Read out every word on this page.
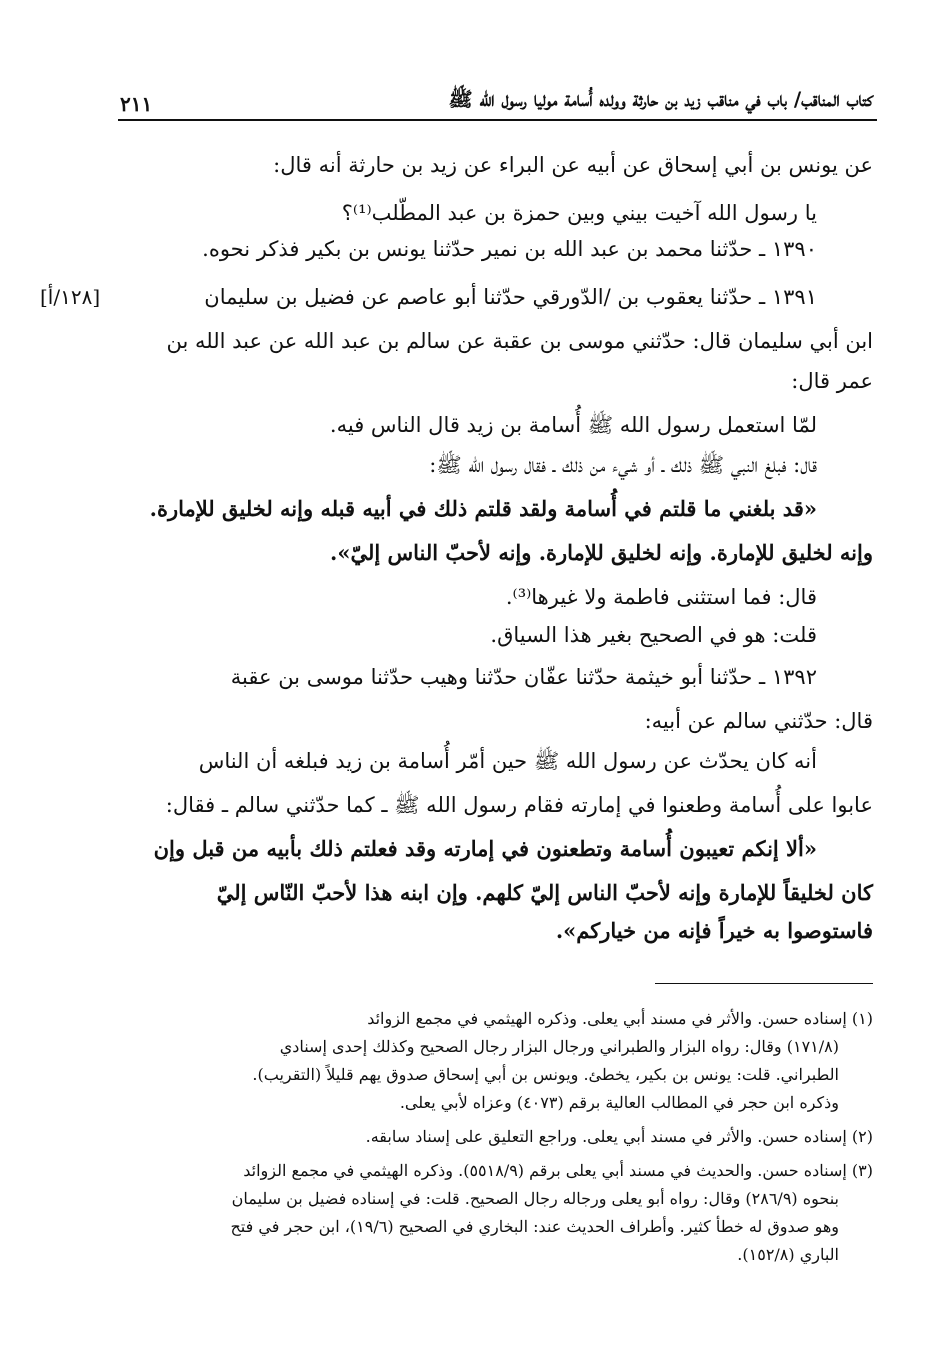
كتاب المناقب/ باب في مناقب زيد بن حارثة وولده أُسامة موليا رسول الله ﷺ
٢١١
عن يونس بن أبي إسحاق عن أبيه عن البراء عن زيد بن حارثة أنه قال:
يا رسول الله آخيت بيني وبين حمزة بن عبد المطّلب⁽¹⁾؟
١٣٩٠ ـ حدّثنا محمد بن عبد الله بن نمير حدّثنا يونس بن بكير فذكر نحوه.
١٣٩١ ـ حدّثنا يعقوب بن /الدّورقي حدّثنا أبو عاصم عن فضيل بن سليمان
[١٢٨/أ]
ابن أبي سليمان قال: حدّثني موسى بن عقبة عن سالم بن عبد الله عن عبد الله بن
عمر قال:
لمّا استعمل رسول الله ﷺ أُسامة بن زيد قال الناس فيه.
قال: فبلغ النبي ﷺ ذلك ـ أو شيء من ذلك ـ فقال رسول الله ﷺ:
«قد بلغني ما قلتم في أُسامة ولقد قلتم ذلك في أبيه قبله وإنه لخليق للإمارة.
وإنه لخليق للإمارة. وإنه لخليق للإمارة. وإنه لأحبّ الناس إليّ».
قال: فما استثنى فاطمة ولا غيرها⁽³⁾.
قلت: هو في الصحيح بغير هذا السياق.
١٣٩٢ ـ حدّثنا أبو خيثمة حدّثنا عفّان حدّثنا وهيب حدّثنا موسى بن عقبة
قال: حدّثني سالم عن أبيه:
أنه كان يحدّث عن رسول الله ﷺ حين أمّر أُسامة بن زيد فبلغه أن الناس
عابوا على أُسامة وطعنوا في إمارته فقام رسول الله ﷺ ـ كما حدّثني سالم ـ فقال:
«ألا إنكم تعيبون أُسامة وتطعنون في إمارته وقد فعلتم ذلك بأبيه من قبل وإن
كان لخليقاً للإمارة وإنه لأحبّ الناس إليّ كلهم. وإن ابنه هذا لأحبّ النّاس إليّ
فاستوصوا به خيراً فإنه من خياركم».
(١) إسناده حسن. والأثر في مسند أبي يعلى. وذكره الهيثمي في مجمع الزوائد
(١٧١/٨) وقال: رواه البزار والطبراني ورجال البزار رجال الصحيح وكذلك إحدى إسنادي
الطبراني. قلت: يونس بن بكير، يخطئ. ويونس بن أبي إسحاق صدوق يهم قليلاً (التقريب).
وذكره ابن حجر في المطالب العالية برقم (٤٠٧٣) وعزاه لأبي يعلى.
(٢) إسناده حسن. والأثر في مسند أبي يعلى. وراجع التعليق على إسناد سابقه.
(٣) إسناده حسن. والحديث في مسند أبي يعلى برقم (٥٥١٨/٩). وذكره الهيثمي في مجمع الزوائد
بنحوه (٢٨٦/٩) وقال: رواه أبو يعلى ورجاله رجال الصحيح. قلت: في إسناده فضيل بن سليمان
وهو صدوق له خطأ كثير. وأطراف الحديث عند: البخاري في الصحيح (١٩/٦)، ابن حجر في فتح
الباري (١٥٢/٨).
